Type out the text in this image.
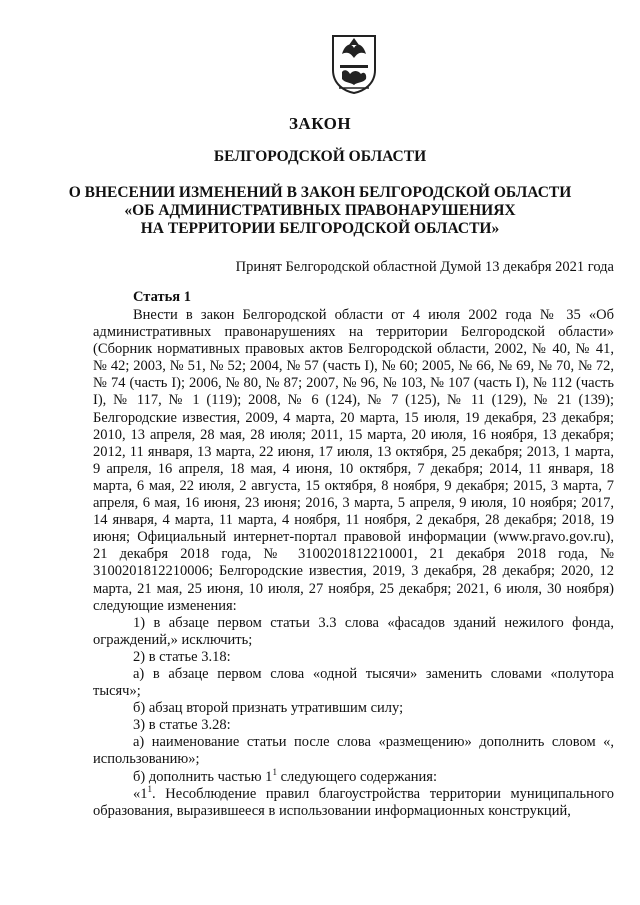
ЗАКОН
БЕЛГОРОДСКОЙ ОБЛАСТИ
О ВНЕСЕНИИ ИЗМЕНЕНИЙ В ЗАКОН БЕЛГОРОДСКОЙ ОБЛАСТИ
«ОБ АДМИНИСТРАТИВНЫХ ПРАВОНАРУШЕНИЯХ
НА ТЕРРИТОРИИ БЕЛГОРОДСКОЙ ОБЛАСТИ»
Принят Белгородской областной Думой 13 декабря 2021 года
Статья 1

Внести в закон Белгородской области от 4 июля 2002 года № 35 «Об административных правонарушениях на территории Белгородской области» (Сборник нормативных правовых актов Белгородской области, 2002, № 40, № 41, № 42; 2003, № 51, № 52; 2004, № 57 (часть I), № 60; 2005, № 66, № 69, № 70, № 72, № 74 (часть I); 2006, № 80, № 87; 2007, № 96, № 103, № 107 (часть I), № 112 (часть I), № 117, № 1 (119); 2008, № 6 (124), № 7 (125), № 11 (129), № 21 (139); Белгородские известия, 2009, 4 марта, 20 марта, 15 июля, 19 декабря, 23 декабря; 2010, 13 апреля, 28 мая, 28 июля; 2011, 15 марта, 20 июля, 16 ноября, 13 декабря; 2012, 11 января, 13 марта, 22 июня, 17 июля, 13 октября, 25 декабря; 2013, 1 марта, 9 апреля, 16 апреля, 18 мая, 4 июня, 10 октября, 7 декабря; 2014, 11 января, 18 марта, 6 мая, 22 июля, 2 августа, 15 октября, 8 ноября, 9 декабря; 2015, 3 марта, 7 апреля, 6 мая, 16 июня, 23 июня; 2016, 3 марта, 5 апреля, 9 июля, 10 ноября; 2017, 14 января, 4 марта, 11 марта, 4 ноября, 11 ноября, 2 декабря, 28 декабря; 2018, 19 июня; Официальный интернет-портал правовой информации (www.pravo.gov.ru), 21 декабря 2018 года, № 3100201812210001, 21 декабря 2018 года, № 3100201812210006; Белгородские известия, 2019, 3 декабря, 28 декабря; 2020, 12 марта, 21 мая, 25 июня, 10 июля, 27 ноября, 25 декабря; 2021, 6 июля, 30 ноября) следующие изменения:

1) в абзаце первом статьи 3.3 слова «фасадов зданий нежилого фонда, ограждений,» исключить;

2) в статье 3.18:

а) в абзаце первом слова «одной тысячи» заменить словами «полутора тысяч»;

б) абзац второй признать утратившим силу;

3) в статье 3.28:

а) наименование статьи после слова «размещению» дополнить словом «, использованию»;

б) дополнить частью $1^1$ следующего содержания:

«$1^1$. Несоблюдение правил благоустройства территории муниципального образования, выразившееся в использовании информационных конструкций,
